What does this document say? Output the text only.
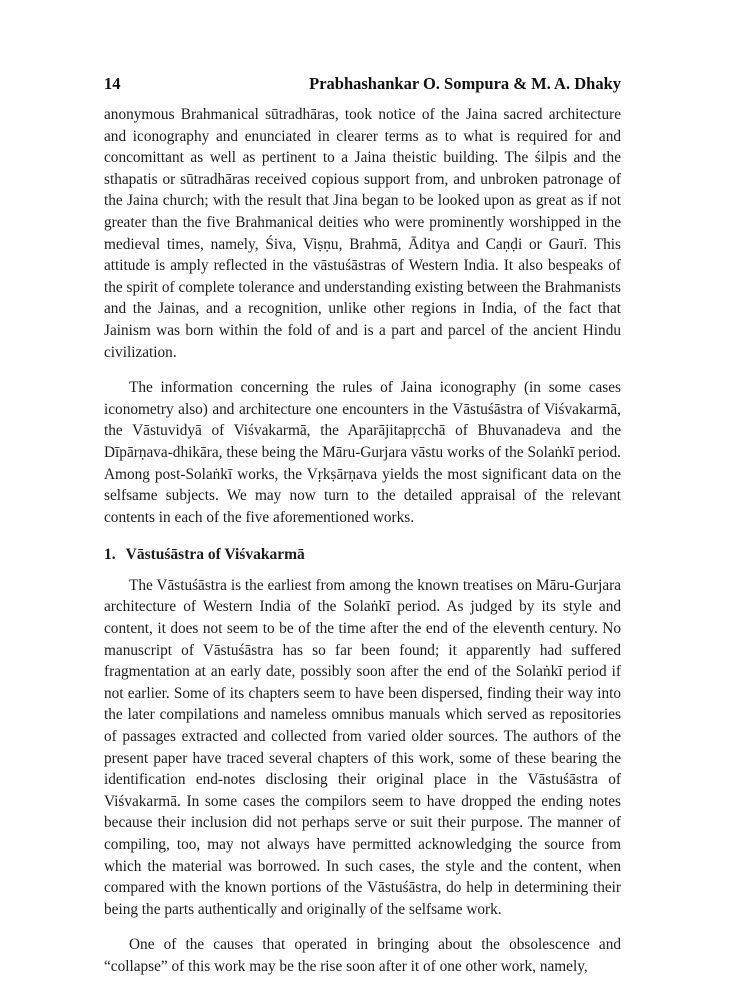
14	Prabhashankar O. Sompura & M. A. Dhaky

anonymous Brahmanical sūtradhāras, took notice of the Jaina sacred architecture and iconography and enunciated in clearer terms as to what is required for and concomittant as well as pertinent to a Jaina theistic building. The śilpis and the sthapatis or sūtradhāras received copious support from, and unbroken patronage of the Jaina church; with the result that Jina began to be looked upon as great as if not greater than the five Brahmanical deities who were prominently worshipped in the medieval times, namely, Śiva, Viṣṇu, Brahmā, Āditya and Caṇḍi or Gaurī. This attitude is amply reflected in the vāstuśāstras of Western India. It also bespeaks of the spirit of complete tolerance and understanding existing between the Brahmanists and the Jainas, and a recognition, unlike other regions in India, of the fact that Jainism was born within the fold of and is a part and parcel of the ancient Hindu civilization.

The information concerning the rules of Jaina iconography (in some cases iconometry also) and architecture one encounters in the Vāstuśāstra of Viśvakarmā, the Vāstuvidyā of Viśvakarmā, the Aparājitapṛcchā of Bhuvanadeva and the Dīpārṇava-dhikāra, these being the Māru-Gurjara vāstu works of the Solaṅkī period. Among post-Solaṅkī works, the Vṛkṣārṇava yields the most significant data on the selfsame subjects. We may now turn to the detailed appraisal of the relevant contents in each of the five aforementioned works.

1. Vāstuśāstra of Viśvakarmā

The Vāstuśāstra is the earliest from among the known treatises on Māru-Gurjara architecture of Western India of the Solaṅkī period. As judged by its style and content, it does not seem to be of the time after the end of the eleventh century. No manuscript of Vāstuśāstra has so far been found; it apparently had suffered fragmentation at an early date, possibly soon after the end of the Solaṅkī period if not earlier. Some of its chapters seem to have been dispersed, finding their way into the later compilations and nameless omnibus manuals which served as repositories of passages extracted and collected from varied older sources. The authors of the present paper have traced several chapters of this work, some of these bearing the identification end-notes disclosing their original place in the Vāstuśāstra of Viśvakarmā. In some cases the compilors seem to have dropped the ending notes because their inclusion did not perhaps serve or suit their purpose. The manner of compiling, too, may not always have permitted acknowledging the source from which the material was borrowed. In such cases, the style and the content, when compared with the known portions of the Vāstuśāstra, do help in determining their being the parts authentically and originally of the selfsame work.

One of the causes that operated in bringing about the obsolescence and “collapse” of this work may be the rise soon after it of one other work, namely,
